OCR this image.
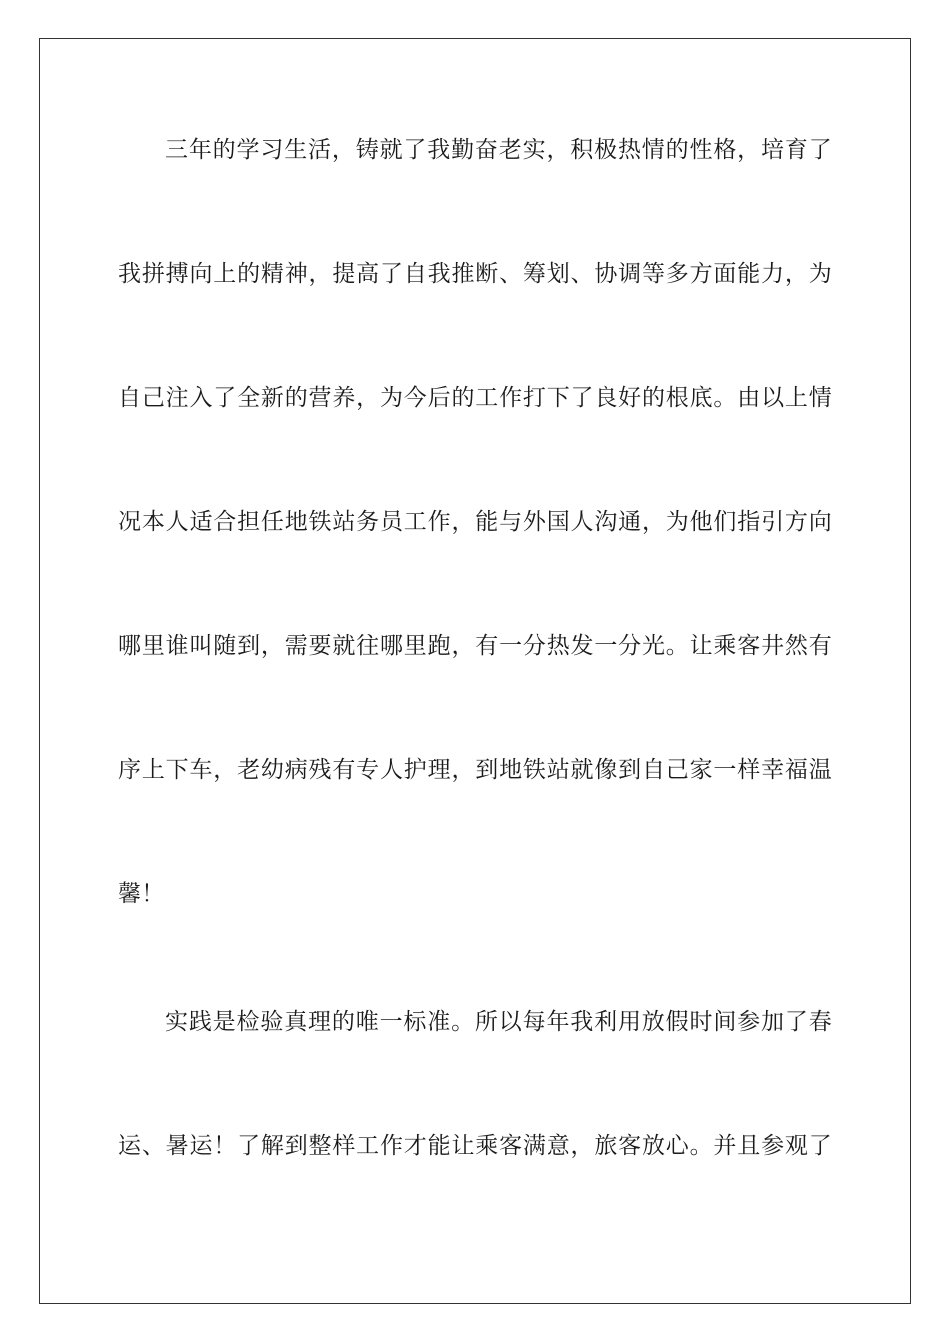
三年的学习生活，铸就了我勤奋老实，积极热情的性格，培育了
我拼搏向上的精神，提高了自我推断、筹划、协调等多方面能力，为
自己注入了全新的营养，为今后的工作打下了良好的根底。由以上情
况本人适合担任地铁站务员工作，能与外国人沟通，为他们指引方向
哪里谁叫随到，需要就往哪里跑，有一分热发一分光。让乘客井然有
序上下车，老幼病残有专人护理，到地铁站就像到自己家一样幸福温
馨！
实践是检验真理的唯一标准。所以每年我利用放假时间参加了春
运、暑运！了解到整样工作才能让乘客满意，旅客放心。并且参观了
